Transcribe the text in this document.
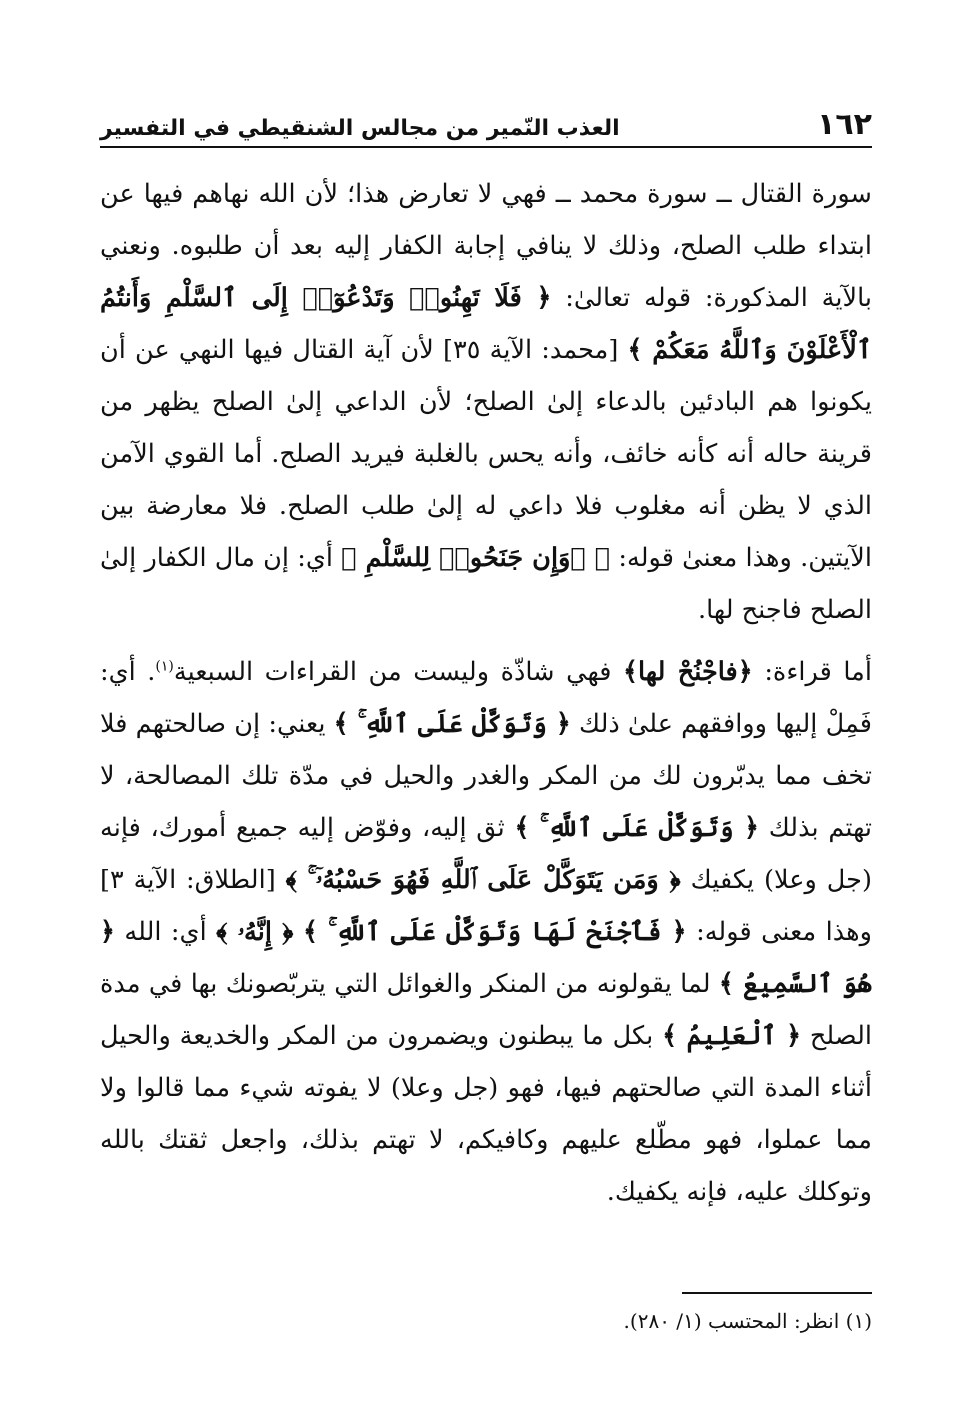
١٦٢
العذب النّمير من مجالس الشنقيطي في التفسير

سورة القتال ــ سورة محمد ــ فهي لا تعارض هذا؛ لأن الله نهاهم فيها عن ابتداء طلب الصلح، وذلك لا ينافي إجابة الكفار إليه بعد أن طلبوه. ونعني بالآية المذكورة: قوله تعالىٰ: ﴿ فَلَا تَهِنُوا۟ وَتَدْعُوٓا۟ إِلَى ٱلسَّلْمِ وَأَنتُمُ ٱلْأَعْلَوْنَ وَٱللَّهُ مَعَكُمْ ﴾ [محمد: الآية ٣٥] لأن آية القتال فيها النهي عن أن يكونوا هم البادئين بالدعاء إلىٰ الصلح؛ لأن الداعي إلىٰ الصلح يظهر من قرينة حاله أنه كأنه خائف، وأنه يحس بالغلبة فيريد الصلح. أما القوي الآمن الذي لا يظن أنه مغلوب فلا داعي له إلىٰ طلب الصلح. فلا معارضة بين الآيتين. وهذا معنىٰ قوله: ﴿ ۞وَإِن جَنَحُوا۟ لِلسَّلْمِ ﴾ أي: إن مال الكفار إلىٰ الصلح فاجنح لها.

أما قراءة: ﴿فاجْنُحْ لها﴾ فهي شاذّة وليست من القراءات السبعية$^{(١)}$. أي: فَمِلْ إليها ووافقهم علىٰ ذلك ﴿ وَتَوَكَّلْ عَلَى ٱللَّهِ ۚ ﴾ يعني: إن صالحتهم فلا تخف مما يدبّرون لك من المكر والغدر والحيل في مدّة تلك المصالحة، لا تهتم بذلك ﴿ وَتَوَكَّلْ عَلَى ٱللَّهِ ۚ ﴾ ثق إليه، وفوّض إليه جميع أمورك، فإنه (جل وعلا) يكفيك ﴿ وَمَن يَتَوَكَّلْ عَلَى ٱللَّهِ فَهُوَ حَسْبُهُۥٓ ۚ ﴾ [الطلاق: الآية ٣] وهذا معنى قوله: ﴿ فَٱجْنَحْ لَهَا وَتَوَكَّلْ عَلَى ٱللَّهِ ۚ ﴾ ﴿ إِنَّهُۥ ﴾ أي: الله ﴿ هُوَ ٱلسَّمِيعُ ﴾ لما يقولونه من المنكر والغوائل التي يتربّصونك بها في مدة الصلح ﴿ ٱلْعَلِيمُ ﴾ بكل ما يبطنون ويضمرون من المكر والخديعة والحيل أثناء المدة التي صالحتهم فيها، فهو (جل وعلا) لا يفوته شيء مما قالوا ولا مما عملوا، فهو مطّلع عليهم وكافيكم، لا تهتم بذلك، واجعل ثقتك بالله وتوكلك عليه، فإنه يكفيك.

(١) انظر: المحتسب (١/ ٢٨٠).
